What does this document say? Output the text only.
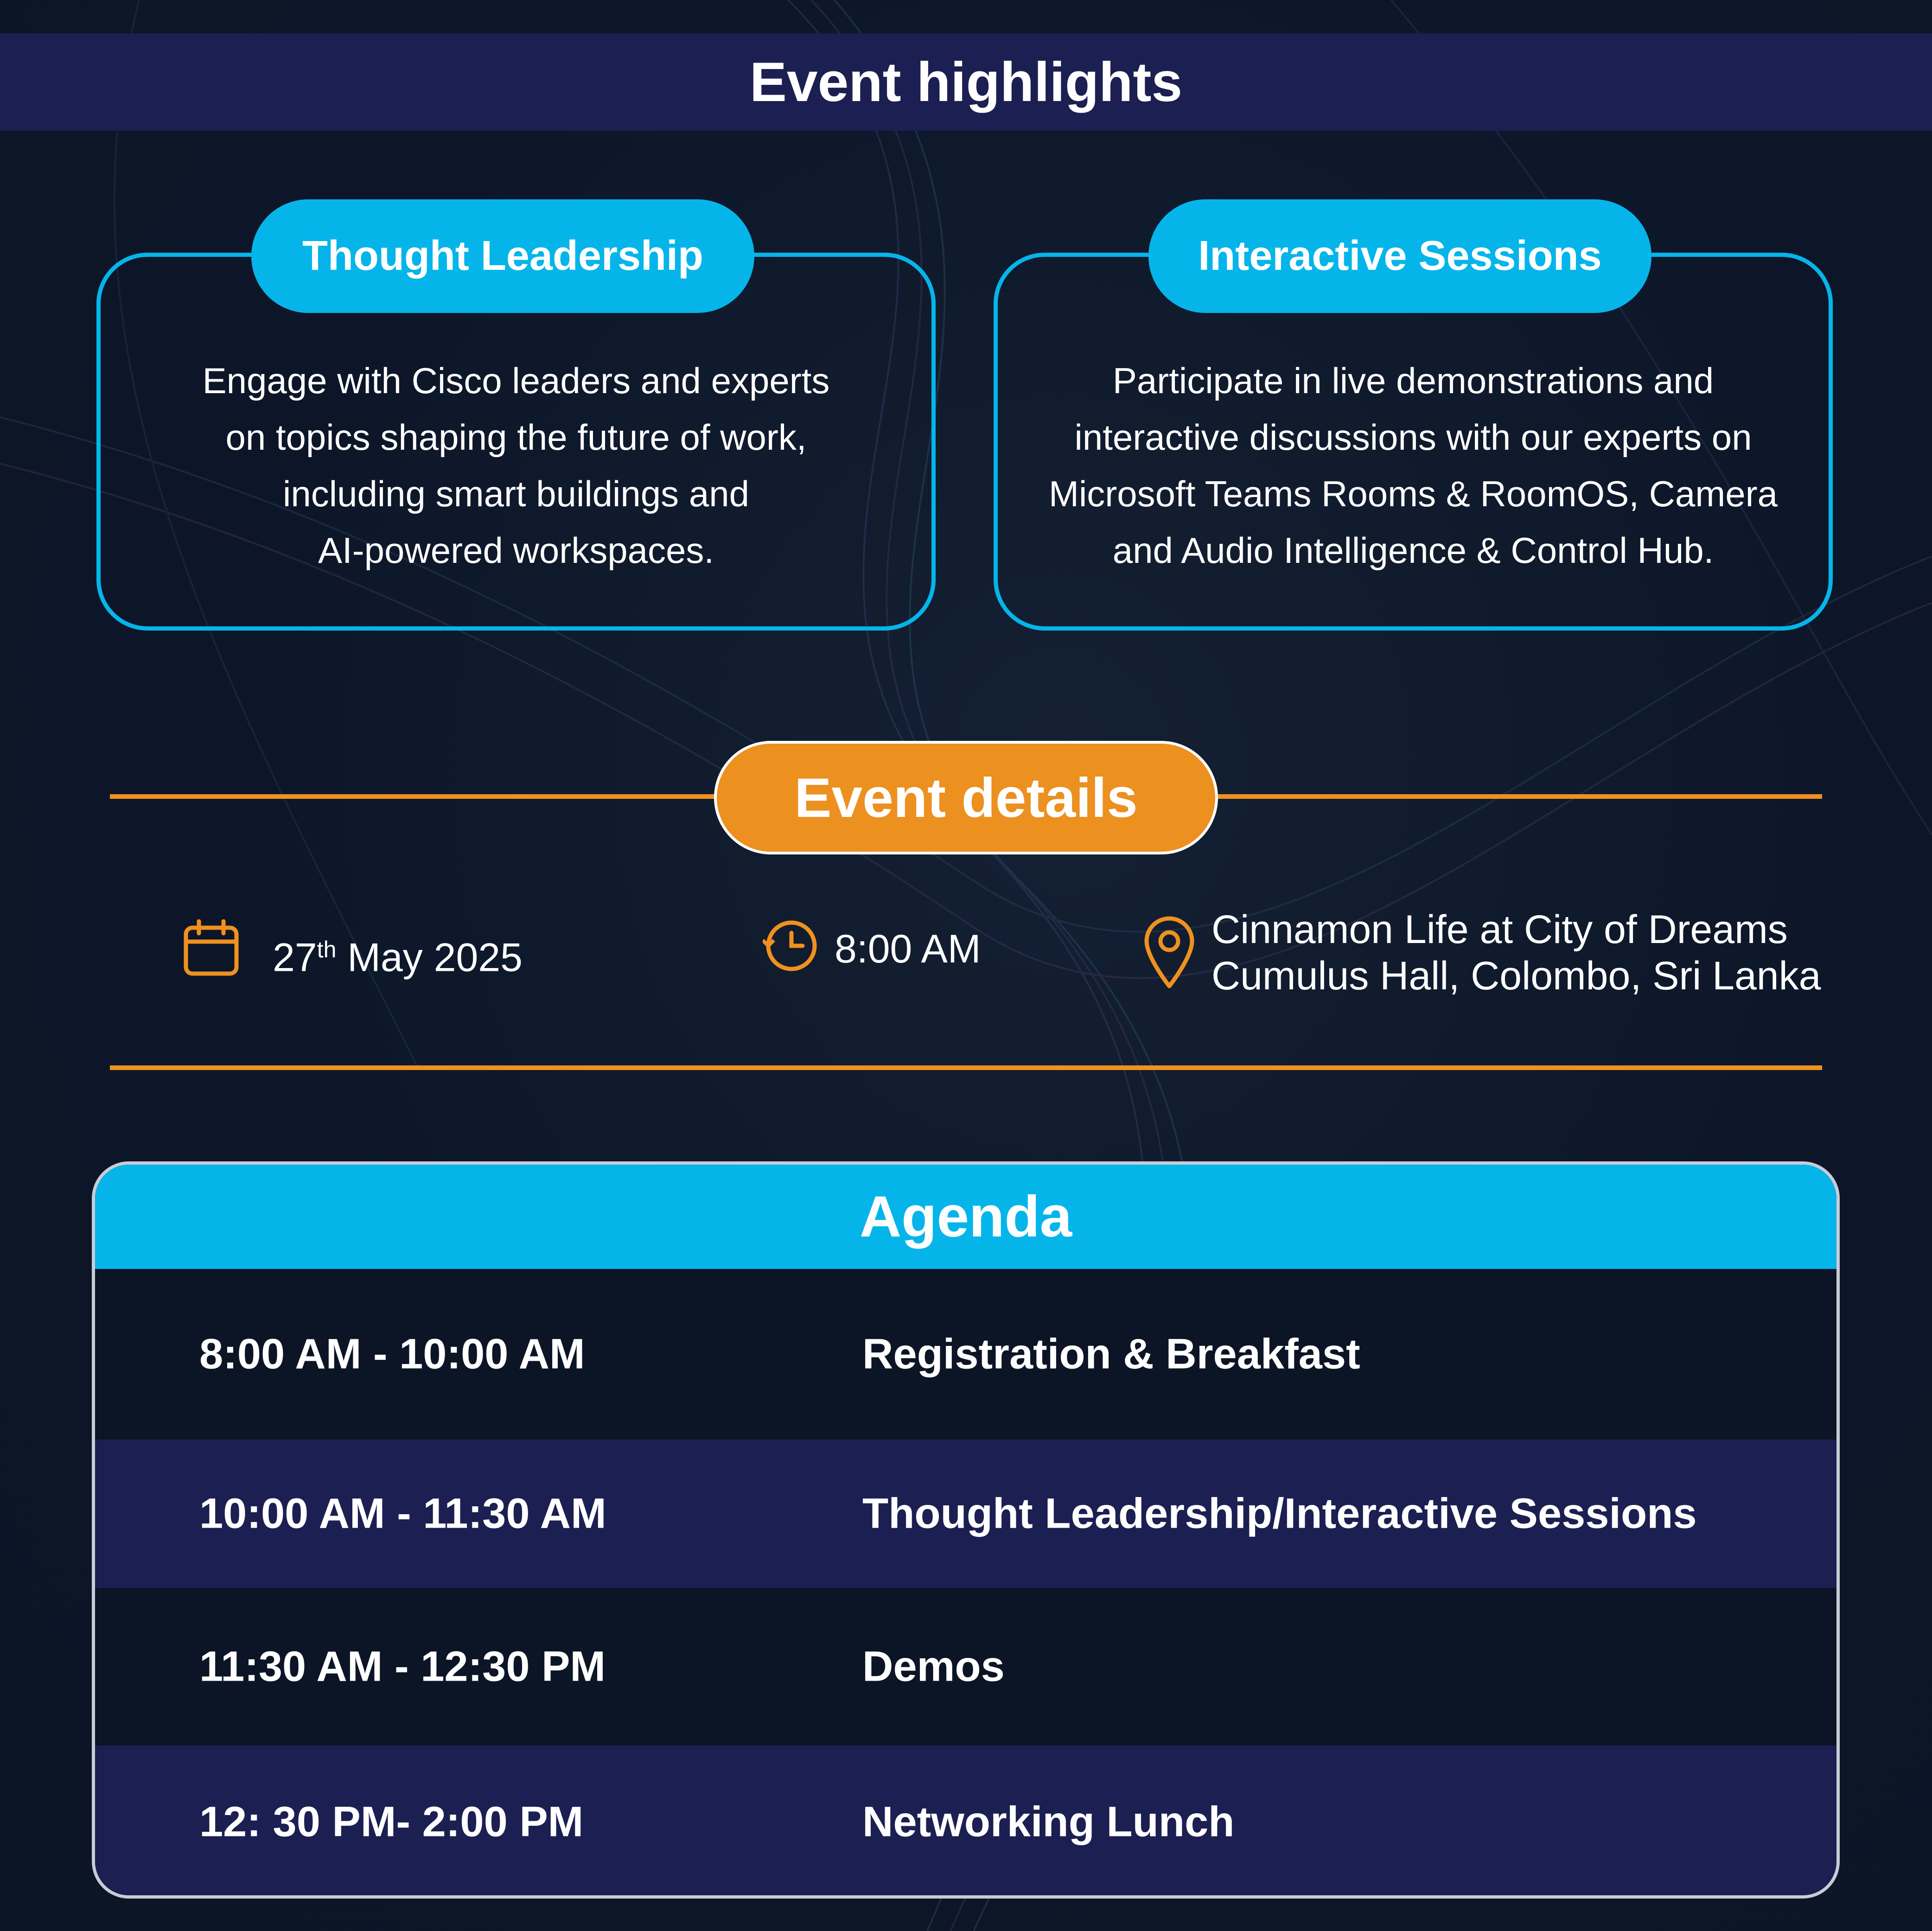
Event highlights
Thought Leadership
Engage with Cisco leaders and experts
on topics shaping the future of work,
including smart buildings and
AI-powered workspaces.
Interactive Sessions
Participate in live demonstrations and
interactive discussions with our experts on
Microsoft Teams Rooms & RoomOS, Camera
and Audio Intelligence & Control Hub.
Event details
27th May 2025	8:00 AM	Cinnamon Life at City of Dreams
Cumulus Hall, Colombo, Sri Lanka
Agenda
8:00 AM - 10:00 AM	Registration & Breakfast
10:00 AM - 11:30 AM	Thought Leadership/Interactive Sessions
11:30 AM - 12:30 PM	Demos
12: 30 PM- 2:00 PM	Networking Lunch
